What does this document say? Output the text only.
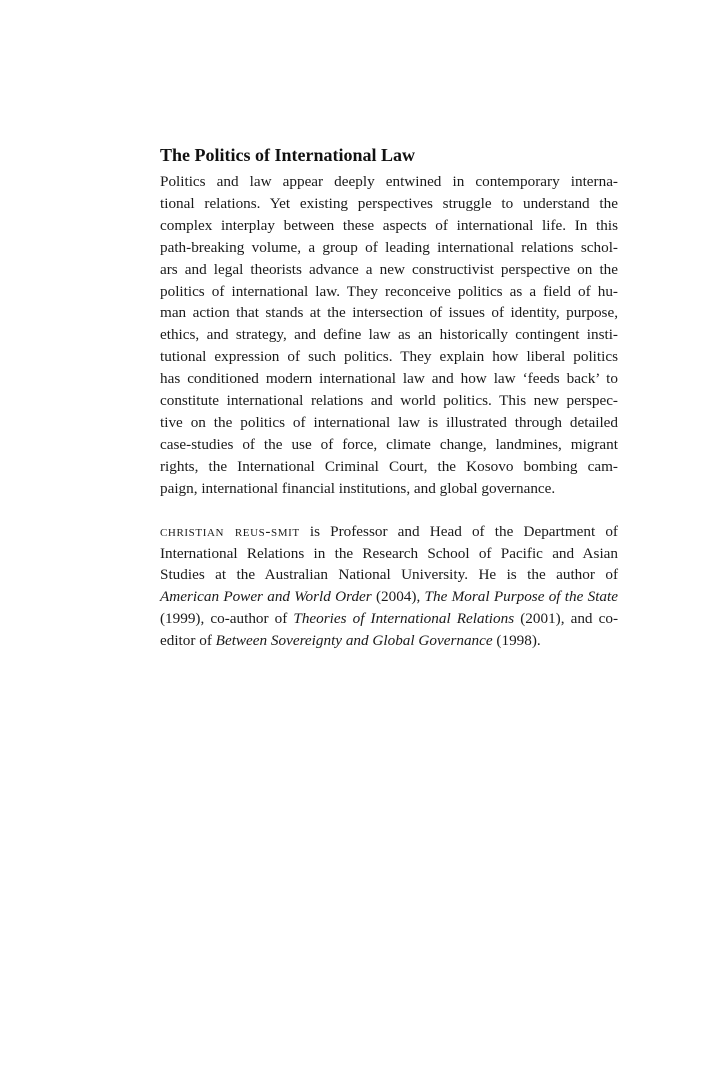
The Politics of International Law

Politics and law appear deeply entwined in contemporary interna-
tional relations. Yet existing perspectives struggle to understand the
complex interplay between these aspects of international life. In this
path-breaking volume, a group of leading international relations schol-
ars and legal theorists advance a new constructivist perspective on the
politics of international law. They reconceive politics as a field of hu-
man action that stands at the intersection of issues of identity, purpose,
ethics, and strategy, and define law as an historically contingent insti-
tutional expression of such politics. They explain how liberal politics
has conditioned modern international law and how law ‘feeds back’ to
constitute international relations and world politics. This new perspec-
tive on the politics of international law is illustrated through detailed
case-studies of the use of force, climate change, landmines, migrant
rights, the International Criminal Court, the Kosovo bombing cam-
paign, international financial institutions, and global governance.

christian reus-smit is Professor and Head of the Department of
International Relations in the Research School of Pacific and Asian
Studies at the Australian National University. He is the author of
American Power and World Order (2004), The Moral Purpose of the State
(1999), co-author of Theories of International Relations (2001), and co-
editor of Between Sovereignty and Global Governance (1998).
